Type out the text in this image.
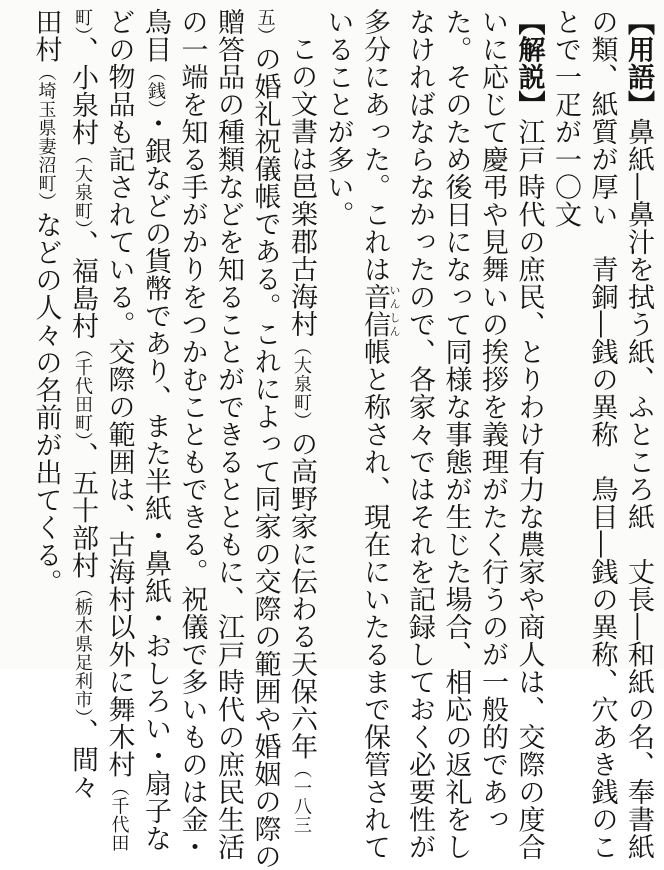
【用語】鼻紙―鼻汁を拭う紙、ふところ紙　丈長―和紙の名、奉書紙
の類、紙質が厚い　青銅―銭の異称　鳥目―銭の異称、穴あき銭のこ
とで一疋が一〇文
【解説】江戸時代の庶民、とりわけ有力な農家や商人は、交際の度合
いに応じて慶弔や見舞いの挨拶を義理がたく行うのが一般的であっ
た。そのため後日になって同様な事態が生じた場合、相応の返礼をし
なければならなかったので、各家々ではそれを記録しておく必要性が
多分にあった。これは音信いんしん帳と称され、現在にいたるまで保管されて
いることが多い。
　この文書は邑楽郡古海村（大泉町）の高野家に伝わる天保六年（一八三
五）の婚礼祝儀帳である。これによって同家の交際の範囲や婚姻の際の
贈答品の種類などを知ることができるとともに、江戸時代の庶民生活
の一端を知る手がかりをつかむこともできる。祝儀で多いものは金・
鳥目（銭）・銀などの貨幣であり、また半紙・鼻紙・おしろい・扇子な
どの物品も記されている。交際の範囲は、古海村以外に舞木村（千代田
町）、小泉村（大泉町）、福島村（千代田町）、五十部村（栃木県足利市）、間々
田村（埼玉県妻沼町）などの人々の名前が出てくる。
